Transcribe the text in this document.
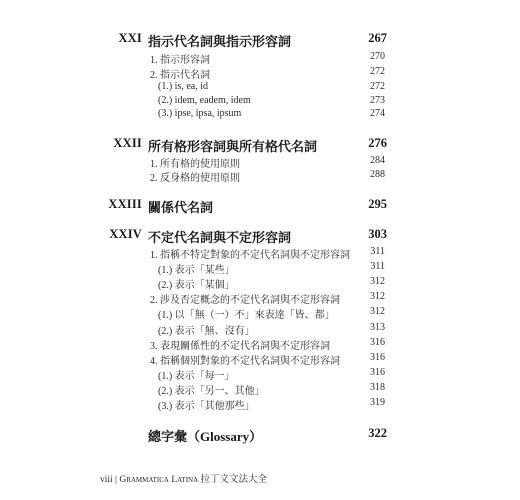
XXI 指示代名詞與指示形容詞	267
1. 指示形容詞	270
2. 指示代名詞	272
(1.) is, ea, id	272
(2.) idem, eadem, idem	273
(3.) ipse, ipsa, ipsum	274
XXII 所有格形容詞與所有格代名詞	276
1. 所有格的使用原則	284
2. 反身格的使用原則	288
XXIII 關係代名詞	295
XXIV 不定代名詞與不定形容詞	303
1. 指稱不特定對象的不定代名詞與不定形容詞 311
(1.) 表示「某些」	311
(2.) 表示「某個」	312
2. 涉及否定概念的不定代名詞與不定形容詞	312
(1.) 以「無（一）不」來表達「皆、都」	312
(2.) 表示「無、沒有」	313
3. 表現關係性的不定代名詞與不定形容詞	316
4. 指稱個別對象的不定代名詞與不定形容詞	316
(1.) 表示「每一」	316
(2.) 表示「另一、其他」	318
(3.) 表示「其他那些」	319
總字彙（Glossary）	322
viii | Grammatica Latina 拉丁文文法大全
